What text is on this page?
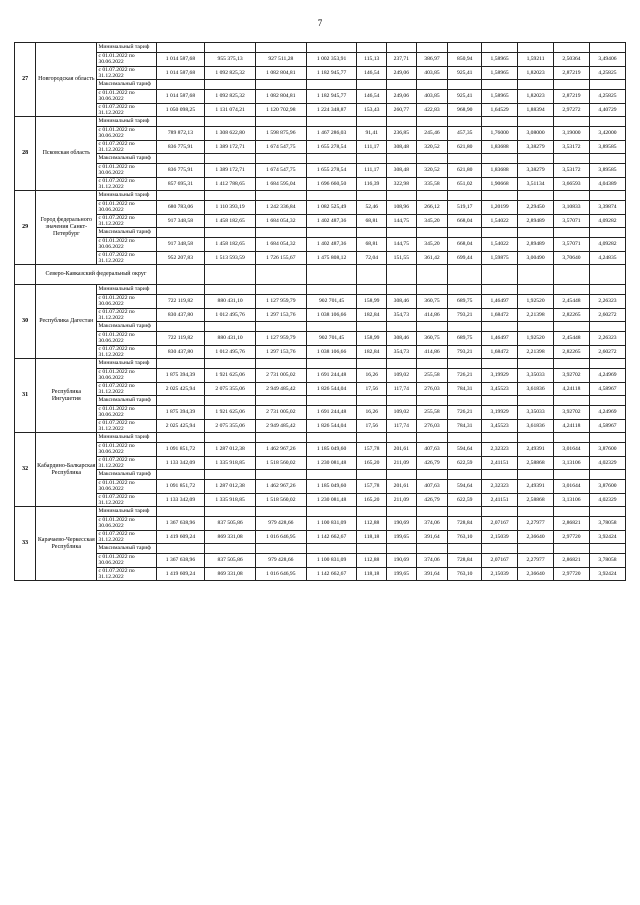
7
27	Новгородская область	Минимальный тариф												
		с 01.01.2022 по 30.06.2022	1 014 587,68	955 375,13	927 511,28	1 002 353,91	115,13	237,71	386,97	850,94	1,58965	1,59211	2,50364	3,49406
		с 01.07.2022 по 31.12.2022	1 014 587,68	1 092 825,32	1 082 804,81	1 182 945,77	146,54	249,06	403,85	925,41	1,58965	1,82023	2,87219	4,25825
		Максимальный тариф												
		с 01.01.2022 по 30.06.2022	1 014 587,68	1 092 825,32	1 082 804,81	1 182 945,77	146,54	249,06	403,85	925,41	1,58965	1,82023	2,87219	4,25825
		с 01.07.2022 по 31.12.2022	1 050 098,25	1 131 074,21	1 120 702,98	1 224 348,87	153,43	260,77	422,83	968,90	1,64529	1,88394	2,97272	4,40729
28	Псковская область	Минимальный тариф												
		с 01.01.2022 по 30.06.2022	789 872,13	1 308 622,80	1 598 875,96	1 467 286,03	91,41	236,85	245,46	457,35	1,76000	3,08000	3,19000	3,42000
		с 01.07.2022 по 31.12.2022	836 775,91	1 389 172,71	1 674 547,75	1 655 278,54	111,17	308,48	320,52	621,80	1,83688	3,38279	3,53172	3,89585
		Максимальный тариф												
		с 01.01.2022 по 30.06.2022	836 775,91	1 389 172,71	1 674 547,75	1 655 278,54	111,17	308,48	320,52	621,80	1,83688	3,38279	3,53172	3,89585
		с 01.07.2022 по 31.12.2022	857 695,31	1 412 788,65	1 684 595,04	1 696 660,50	116,39	322,98	335,58	651,02	1,90668	3,51134	3,66593	4,04389
29	Город федерального значения Санкт-Петербург	Минимальный тариф												
		с 01.01.2022 по 30.06.2022	680 783,06	1 110 393,19	1 242 336,84	1 082 525,49	52,46	108,96	266,12	519,17	1,20199	2,29450	3,10833	3,39874
		с 01.07.2022 по 31.12.2022	917 348,58	1 458 182,65	1 684 054,32	1 402 487,36	68,81	144,75	345,20	668,04	1,54022	2,89489	3,57071	4,09282
		Максимальный тариф												
		с 01.01.2022 по 30.06.2022	917 348,58	1 458 182,65	1 684 054,32	1 402 487,36	68,81	144,75	345,20	668,04	1,54022	2,89489	3,57071	4,09282
		с 01.07.2022 по 31.12.2022	952 207,83	1 513 593,59	1 726 155,67	1 475 808,12	72,04	151,55	361,42	699,44	1,59875	3,00490	3,70640	4,24835
	Северо-Кавказский федеральный округ													
30	Республика Дагестан	Минимальный тариф												
		с 01.01.2022 по 30.06.2022	722 119,82	880 431,10	1 127 959,79	902 701,45	158,99	308,46	360,75	689,75	1,46497	1,92520	2,45448	2,26323
		с 01.07.2022 по 31.12.2022	830 437,80	1 012 495,76	1 297 153,76	1 038 106,66	182,84	354,73	414,86	793,21	1,68472	2,21398	2,82265	2,60272
		Максимальный тариф												
		с 01.01.2022 по 30.06.2022	722 119,82	880 431,10	1 127 959,79	902 701,45	158,99	308,46	360,75	689,75	1,46497	1,92520	2,45448	2,26323
		с 01.07.2022 по 31.12.2022	830 437,80	1 012 495,76	1 297 153,76	1 038 106,66	182,84	354,73	414,86	793,21	1,68472	2,21398	2,82265	2,60272
31	Республика Ингушетия	Минимальный тариф												
		с 01.01.2022 по 30.06.2022	1 875 394,39	1 921 625,06	2 731 005,02	1 691 244,48	16,26	109,02	255,58	726,21	3,19929	3,35033	3,92702	4,24969
		с 01.07.2022 по 31.12.2022	2 025 425,94	2 075 355,06	2 949 485,42	1 826 544,04	17,56	117,74	276,03	784,31	3,45523	3,61836	4,24118	4,58967
		Максимальный тариф												
		с 01.01.2022 по 30.06.2022	1 875 394,39	1 921 625,06	2 731 005,02	1 691 244,48	16,26	109,02	255,58	726,21	3,19929	3,35033	3,92702	4,24969
		с 01.07.2022 по 31.12.2022	2 025 425,94	2 075 355,06	2 949 485,42	1 826 544,04	17,56	117,74	276,03	784,31	3,45523	3,61836	4,24118	4,58967
32	Кабардино-Балкарская Республика	Минимальный тариф												
		с 01.01.2022 по 30.06.2022	1 091 851,72	1 287 012,38	1 462 967,26	1 185 049,60	157,78	201,61	407,63	594,64	2,32323	2,49391	3,01644	3,87600
		с 01.07.2022 по 31.12.2022	1 133 342,09	1 335 918,85	1 518 560,02	1 230 081,48	165,20	211,09	426,79	622,59	2,41151	2,58868	3,13106	4,02329
		Максимальный тариф												
		с 01.01.2022 по 30.06.2022	1 091 851,72	1 287 012,38	1 462 967,26	1 185 049,60	157,78	201,61	407,63	594,64	2,32323	2,49391	3,01644	3,87600
		с 01.07.2022 по 31.12.2022	1 133 342,09	1 335 918,85	1 518 560,02	1 230 081,48	165,20	211,09	426,79	622,59	2,41151	2,58868	3,13106	4,02329
33	Карачаево-Черкесская Республика	Минимальный тариф												
		с 01.01.2022 по 30.06.2022	1 367 638,96	837 505,86	979 428,66	1 100 831,09	112,88	190,69	374,06	728,84	2,07167	2,27977	2,86821	3,78058
		с 01.07.2022 по 31.12.2022	1 419 609,24	869 331,08	1 016 646,95	1 142 662,67	118,18	199,65	391,64	763,10	2,15039	2,36640	2,97720	3,92424
		Максимальный тариф												
		с 01.01.2022 по 30.06.2022	1 367 638,96	837 505,86	979 428,66	1 100 831,09	112,88	190,69	374,06	728,84	2,07167	2,27977	2,86821	3,78058
		с 01.07.2022 по 31.12.2022	1 419 609,24	869 331,08	1 016 646,95	1 142 662,67	118,18	199,65	391,64	763,10	2,15039	2,36640	2,97720	3,92424
